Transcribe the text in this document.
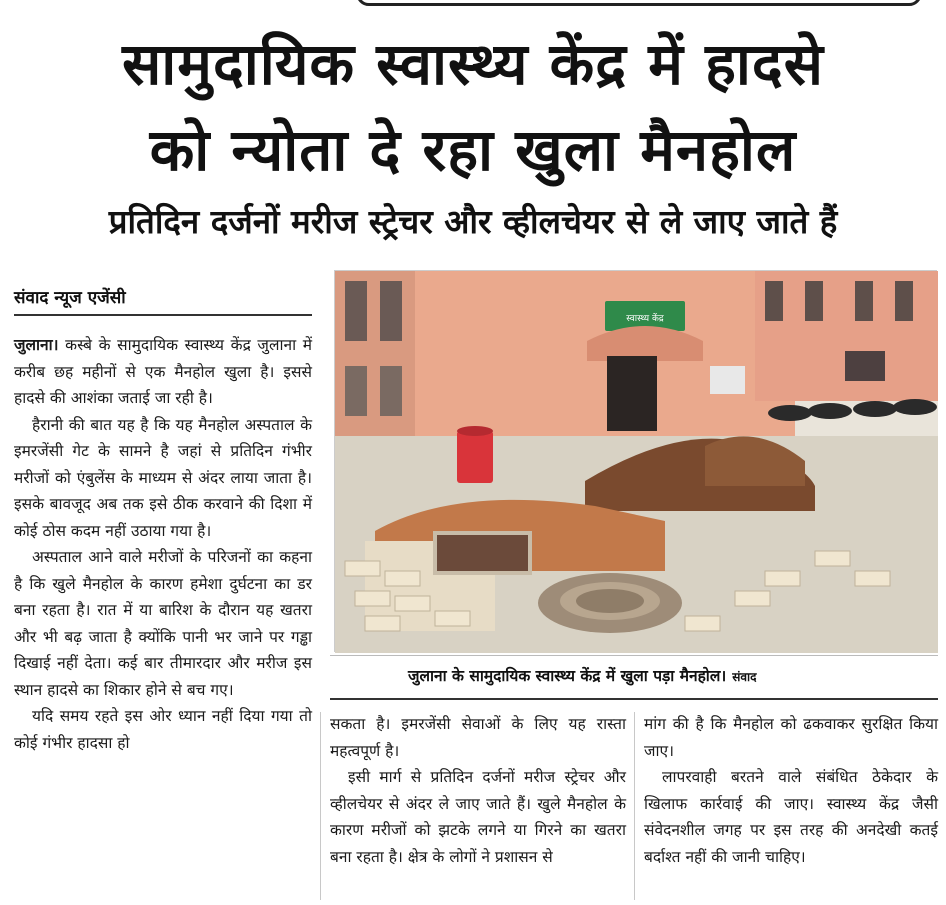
सामुदायिक स्वास्थ्य केंद्र में हादसे
को न्योता दे रहा खुला मैनहोल
प्रतिदिन दर्जनों मरीज स्ट्रेचर और व्हीलचेयर से ले जाए जाते हैं
संवाद न्यूज एजेंसी

जुलाना। कस्बे के सामुदायिक स्वास्थ्य केंद्र जुलाना में करीब छह महीनों से एक मैनहोल खुला है। इससे हादसे की आशंका जताई जा रही है।

हैरानी की बात यह है कि यह मैनहोल अस्पताल के इमरजेंसी गेट के सामने है जहां से प्रतिदिन गंभीर मरीजों को एंबुलेंस के माध्यम से अंदर लाया जाता है। इसके बावजूद अब तक इसे ठीक करवाने की दिशा में कोई ठोस कदम नहीं उठाया गया है।

अस्पताल आने वाले मरीजों के परिजनों का कहना है कि खुले मैनहोल के कारण हमेशा दुर्घटना का डर बना रहता है। रात में या बारिश के दौरान यह खतरा और भी बढ़ जाता है क्योंकि पानी भर जाने पर गड्ढा दिखाई नहीं देता। कई बार तीमारदार और मरीज इस स्थान हादसे का शिकार होने से बच गए।

यदि समय रहते इस ओर ध्यान नहीं दिया गया तो कोई गंभीर हादसा हो

स्वास्थ्य केंद्र
जुलाना के सामुदायिक स्वास्थ्य केंद्र में खुला पड़ा मैनहोल। संवाद

सकता है। इमरजेंसी सेवाओं के लिए यह रास्ता महत्वपूर्ण है।

इसी मार्ग से प्रतिदिन दर्जनों मरीज स्ट्रेचर और व्हीलचेयर से अंदर ले जाए जाते हैं। खुले मैनहोल के कारण मरीजों को झटके लगने या गिरने का खतरा बना रहता है। क्षेत्र के लोगों ने प्रशासन से

मांग की है कि मैनहोल को ढकवाकर सुरक्षित किया जाए।

लापरवाही बरतने वाले संबंधित ठेकेदार के खिलाफ कार्रवाई की जाए। स्वास्थ्य केंद्र जैसी संवेदनशील जगह पर इस तरह की अनदेखी कतई बर्दाश्त नहीं की जानी चाहिए।
